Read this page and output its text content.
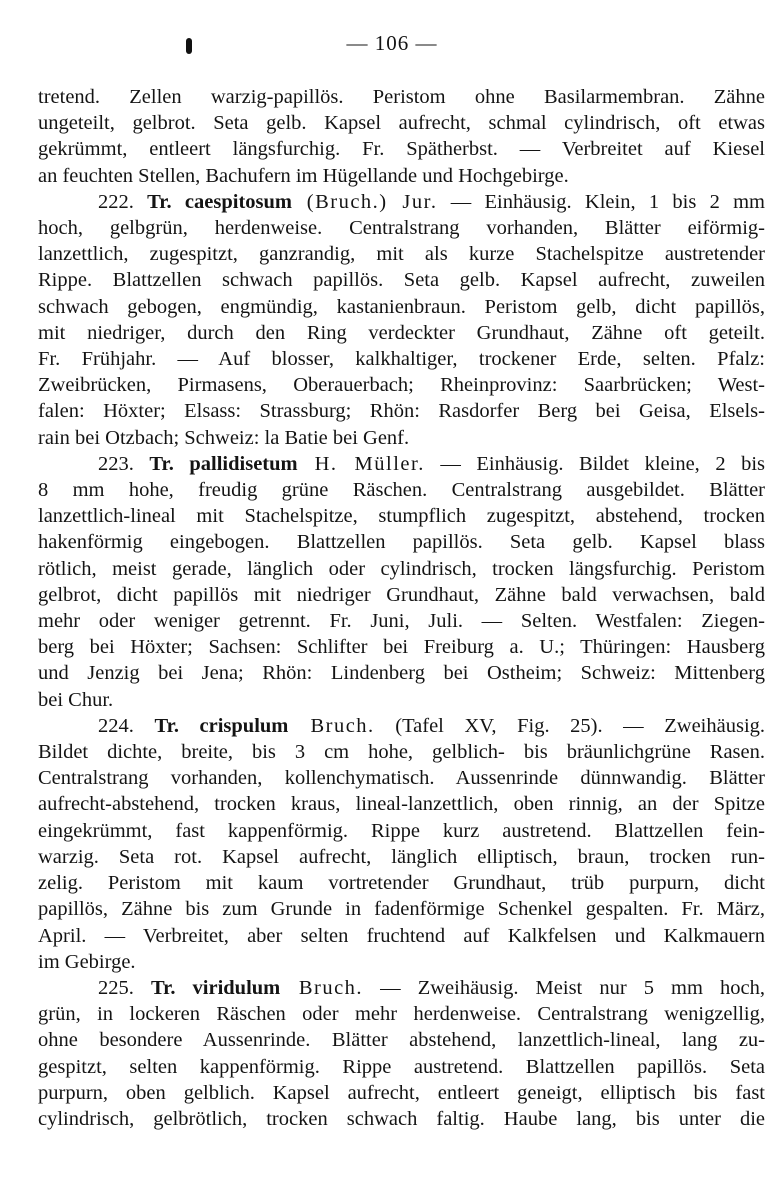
— 106 —
tretend. Zellen warzig-papillös. Peristom ohne Basilarmembran. Zähne
ungeteilt, gelbrot. Seta gelb. Kapsel aufrecht, schmal cylindrisch, oft etwas
gekrümmt, entleert längsfurchig. Fr. Spätherbst. — Verbreitet auf Kiesel
an feuchten Stellen, Bachufern im Hügellande und Hochgebirge.
222. Tr. caespitosum (Bruch.) Jur. — Einhäusig. Klein, 1 bis 2 mm
hoch, gelbgrün, herdenweise. Centralstrang vorhanden, Blätter eiförmig-
lanzettlich, zugespitzt, ganzrandig, mit als kurze Stachelspitze austretender
Rippe. Blattzellen schwach papillös. Seta gelb. Kapsel aufrecht, zuweilen
schwach gebogen, engmündig, kastanienbraun. Peristom gelb, dicht papillös,
mit niedriger, durch den Ring verdeckter Grundhaut, Zähne oft geteilt.
Fr. Frühjahr. — Auf blosser, kalkhaltiger, trockener Erde, selten. Pfalz:
Zweibrücken, Pirmasens, Oberauerbach; Rheinprovinz: Saarbrücken; West-
falen: Höxter; Elsass: Strassburg; Rhön: Rasdorfer Berg bei Geisa, Elsels-
rain bei Otzbach; Schweiz: la Batie bei Genf.
223. Tr. pallidisetum H. Müller. — Einhäusig. Bildet kleine, 2 bis
8 mm hohe, freudig grüne Räschen. Centralstrang ausgebildet. Blätter
lanzettlich-lineal mit Stachelspitze, stumpflich zugespitzt, abstehend, trocken
hakenförmig eingebogen. Blattzellen papillös. Seta gelb. Kapsel blass
rötlich, meist gerade, länglich oder cylindrisch, trocken längsfurchig. Peristom
gelbrot, dicht papillös mit niedriger Grundhaut, Zähne bald verwachsen, bald
mehr oder weniger getrennt. Fr. Juni, Juli. — Selten. Westfalen: Ziegen-
berg bei Höxter; Sachsen: Schlifter bei Freiburg a. U.; Thüringen: Hausberg
und Jenzig bei Jena; Rhön: Lindenberg bei Ostheim; Schweiz: Mittenberg
bei Chur.
224. Tr. crispulum Bruch. (Tafel XV, Fig. 25). — Zweihäusig.
Bildet dichte, breite, bis 3 cm hohe, gelblich- bis bräunlichgrüne Rasen.
Centralstrang vorhanden, kollenchymatisch. Aussenrinde dünnwandig. Blätter
aufrecht-abstehend, trocken kraus, lineal-lanzettlich, oben rinnig, an der Spitze
eingekrümmt, fast kappenförmig. Rippe kurz austretend. Blattzellen fein-
warzig. Seta rot. Kapsel aufrecht, länglich elliptisch, braun, trocken run-
zelig. Peristom mit kaum vortretender Grundhaut, trüb purpurn, dicht
papillös, Zähne bis zum Grunde in fadenförmige Schenkel gespalten. Fr. März,
April. — Verbreitet, aber selten fruchtend auf Kalkfelsen und Kalkmauern
im Gebirge.
225. Tr. viridulum Bruch. — Zweihäusig. Meist nur 5 mm hoch,
grün, in lockeren Räschen oder mehr herdenweise. Centralstrang wenigzellig,
ohne besondere Aussenrinde. Blätter abstehend, lanzettlich-lineal, lang zu-
gespitzt, selten kappenförmig. Rippe austretend. Blattzellen papillös. Seta
purpurn, oben gelblich. Kapsel aufrecht, entleert geneigt, elliptisch bis fast
cylindrisch, gelbrötlich, trocken schwach faltig. Haube lang, bis unter die
